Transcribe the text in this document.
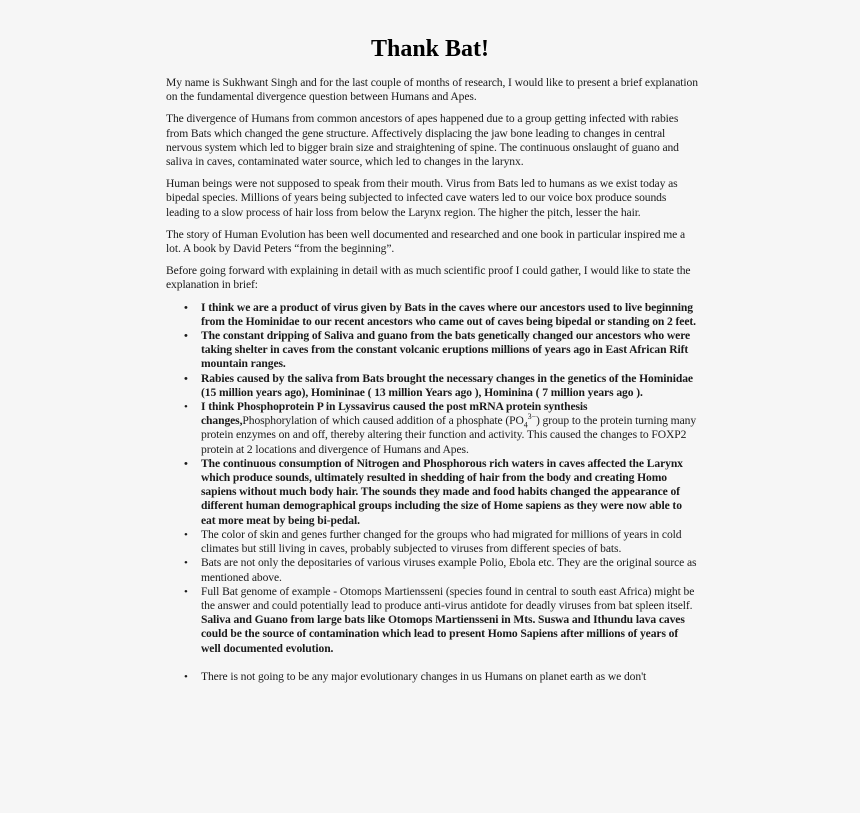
Thank Bat!

My name is Sukhwant Singh and for the last couple of months of research, I would like to present a brief explanation on the fundamental divergence question between Humans and Apes.

The divergence of Humans from common ancestors of apes happened due to a group getting infected with rabies from Bats which changed the gene structure. Affectively displacing the jaw bone leading to changes in central nervous system which led to bigger brain size and straightening of spine. The continuous onslaught of guano and saliva in caves, contaminated water source, which led to changes in the larynx.

Human beings were not supposed to speak from their mouth. Virus from Bats led to humans as we exist today as bipedal species. Millions of years being subjected to infected cave waters led to our voice box produce sounds leading to a slow process of hair loss from below the Larynx region. The higher the pitch, lesser the hair.

The story of Human Evolution has been well documented and researched and one book in particular inspired me a lot. A book by David Peters “from the beginning”.

Before going forward with explaining in detail with as much scientific proof I could gather, I would like to state the explanation in brief:

• I think we are a product of virus given by Bats in the caves where our ancestors used to live beginning from the Hominidae to our recent ancestors who came out of caves being bipedal or standing on 2 feet.
• The constant dripping of Saliva and guano from the bats genetically changed our ancestors who were taking shelter in caves from the constant volcanic eruptions millions of years ago in East African Rift mountain ranges.
• Rabies caused by the saliva from Bats brought the necessary changes in the genetics of the Hominidae (15 million years ago), Homininae ( 13 million Years ago ), Hominina ( 7 million years ago ).
• I think Phosphoprotein P in Lyssavirus caused the post mRNA protein synthesis changes,Phosphorylation of which caused addition of a phosphate $(PO_4^{3-})$ group to the protein turning many protein enzymes on and off, thereby altering their function and activity. This caused the changes to FOXP2 protein at 2 locations and divergence of Humans and Apes.
• The continuous consumption of Nitrogen and Phosphorous rich waters in caves affected the Larynx which produce sounds, ultimately resulted in shedding of hair from the body and creating Homo sapiens without much body hair. The sounds they made and food habits changed the appearance of different human demographical groups including the size of Home sapiens as they were now able to eat more meat by being bi-pedal.
• The color of skin and genes further changed for the groups who had migrated for millions of years in cold climates but still living in caves, probably subjected to viruses from different species of bats.
• Bats are not only the depositaries of various viruses example Polio, Ebola etc. They are the original source as mentioned above.
• Full Bat genome of example - Otomops Martiensseni (species found in central to south east Africa) might be the answer and could potentially lead to produce anti-virus antidote for deadly viruses from bat spleen itself. Saliva and Guano from large bats like Otomops Martiensseni in Mts. Suswa and Ithundu lava caves could be the source of contamination which lead to present Homo Sapiens after millions of years of well documented evolution.
• There is not going to be any major evolutionary changes in us Humans on planet earth as we don't
